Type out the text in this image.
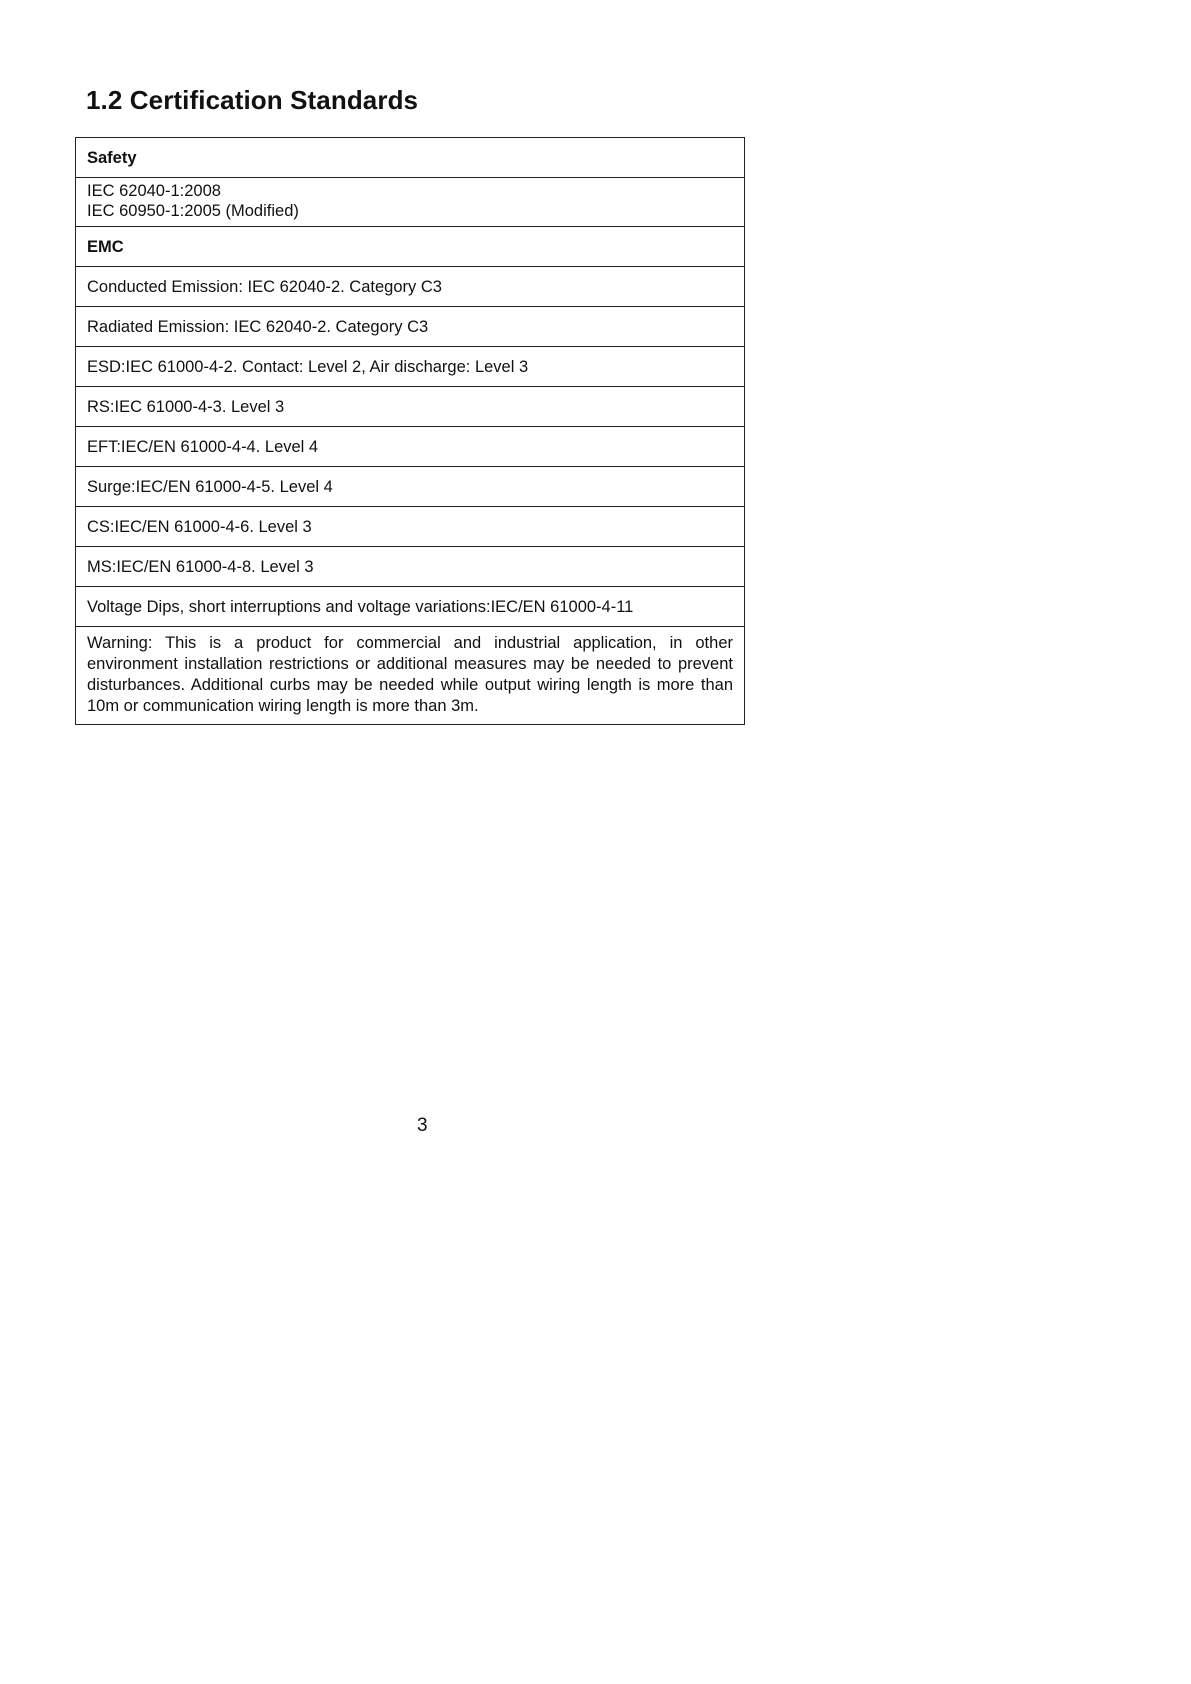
1.2 Certification Standards
Safety

IEC 62040-1:2008
IEC 60950-1:2005 (Modified)

EMC
Conducted Emission: IEC 62040-2. Category C3
Radiated Emission: IEC 62040-2. Category C3
ESD:IEC 61000-4-2. Contact: Level 2, Air discharge: Level 3
RS:IEC 61000-4-3. Level 3
EFT:IEC/EN 61000-4-4. Level 4
Surge:IEC/EN 61000-4-5. Level 4
CS:IEC/EN 61000-4-6. Level 3
MS:IEC/EN 61000-4-8. Level 3
Voltage Dips, short interruptions and voltage variations:IEC/EN 61000-4-11
Warning: This is a product for commercial and industrial application, in other environment installation restrictions or additional measures may be needed to prevent disturbances. Additional curbs may be needed while output wiring length is more than 10m or communication wiring length is more than 3m.
3
